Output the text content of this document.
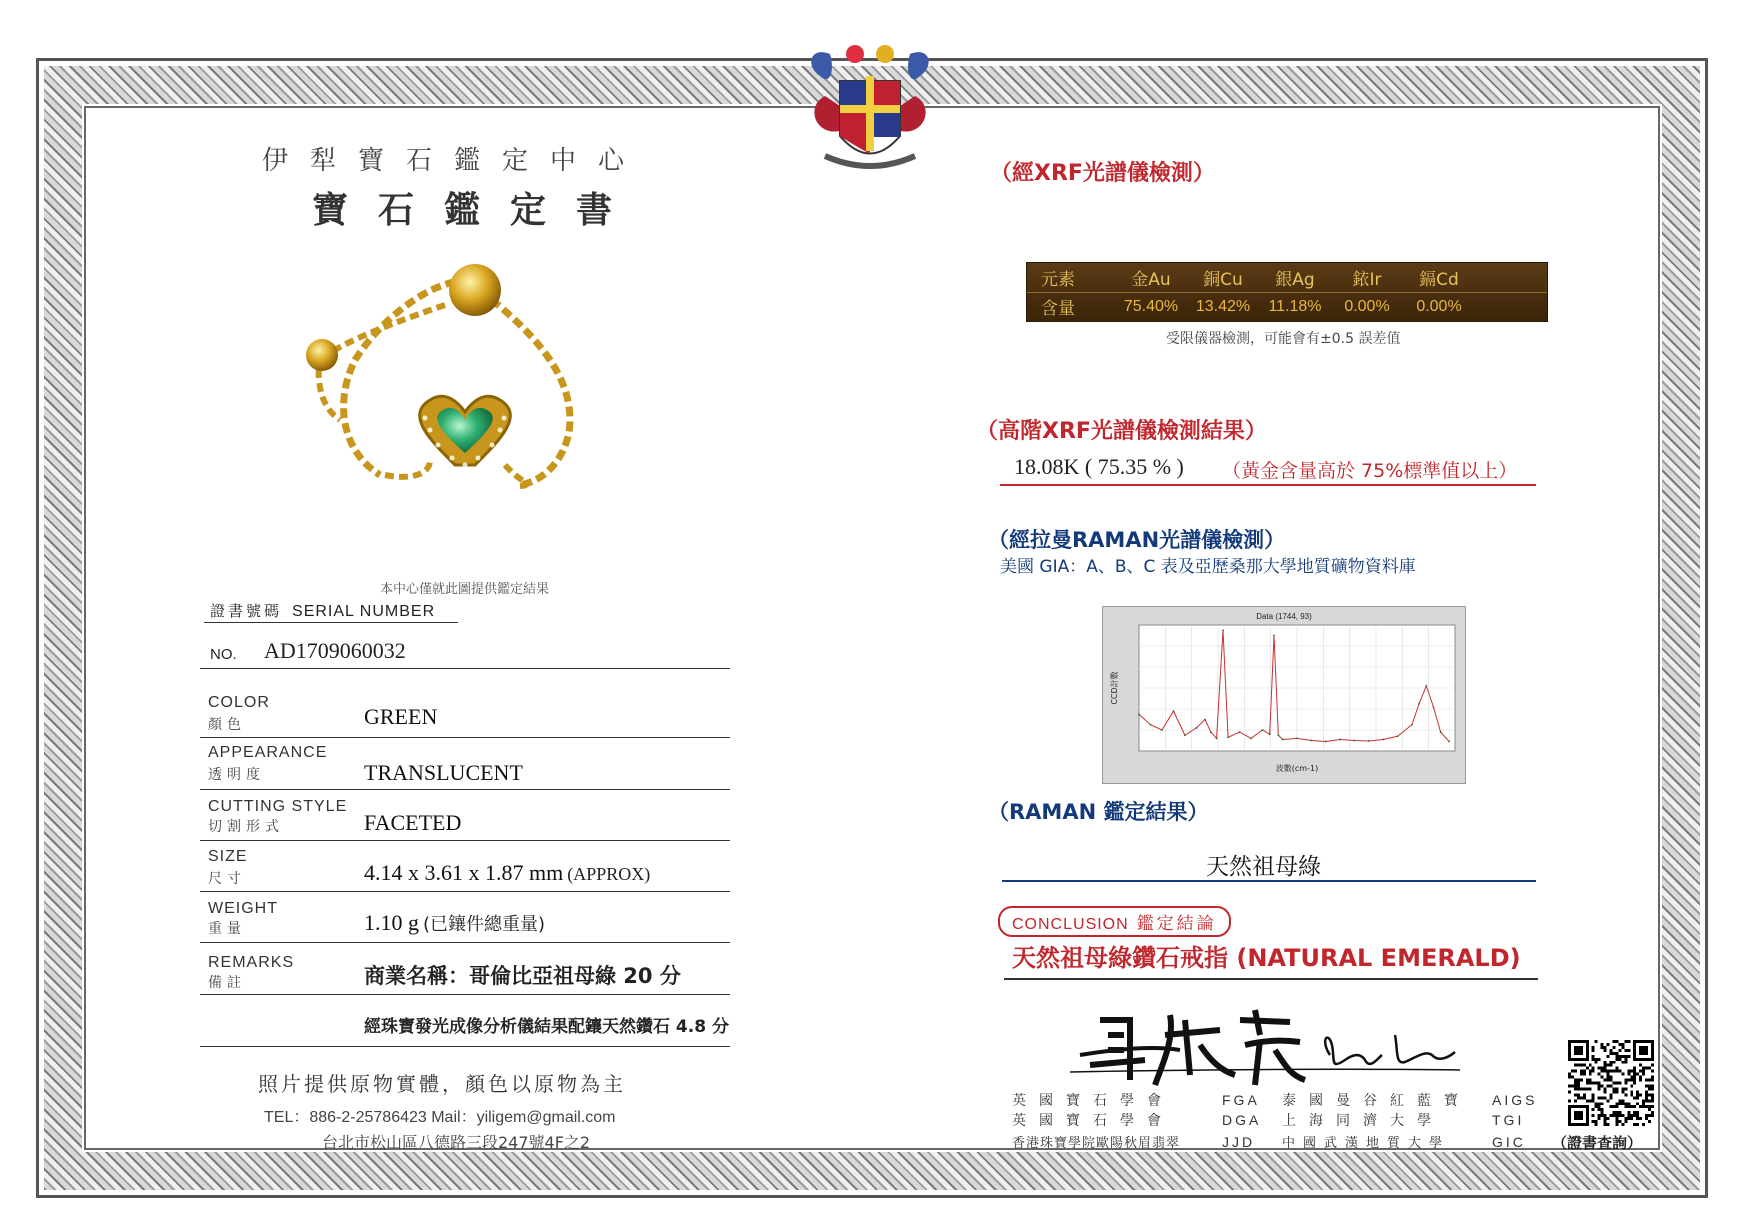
伊犁寶石鑑定中心
寶石鑑定書
本中心僅就此圖提供鑑定結果
證書號碼 SERIAL NUMBER
NO. AD1709060032
COLOR
顏色	GREEN
APPEARANCE
透明度	TRANSLUCENT
CUTTING STYLE
切割形式	FACETED
SIZE
尺寸	4.14 x 3.61 x 1.87 mm (APPROX)
WEIGHT
重量	1.10 g (已鑲件總重量)
REMARKS
備註	商業名稱：哥倫比亞祖母綠 20 分
經珠寶發光成像分析儀結果配鑲天然鑽石 4.8 分
照片提供原物實體，顏色以原物為主
TEL：886-2-25786423 Mail：yiligem@gmail.com
台北市松山區八德路三段247號4F之2
（經XRF光譜儀檢測）
元素	金Au	銅Cu	銀Ag	銥Ir	鎘Cd
含量	75.40%	13.42%	11.18%	0.00%	0.00%
受限儀器檢測，可能會有±0.5 誤差值
（高階XRF光譜儀檢測結果）
18.08K ( 75.35 % ) （黃金含量高於 75%標準值以上）
（經拉曼RAMAN光譜儀檢測）
美國 GIA：A、B、C 表及亞歷桑那大學地質礦物資料庫
Data (1744, 93)
波數(cm-1)
CCD計數
（RAMAN 鑑定結果）
天然祖母綠
CONCLUSION 鑑定結論
天然祖母綠鑽石戒指 (NATURAL EMERALD)
英國寶石學會	FGA 泰國曼谷紅藍寶 AIGS
英國寶石學會	DGA 上海同濟大學	TGI
香港珠寶學院歐陽秋眉翡翠	JJD 中國武漢地質大學	GIC	（證書查詢）
